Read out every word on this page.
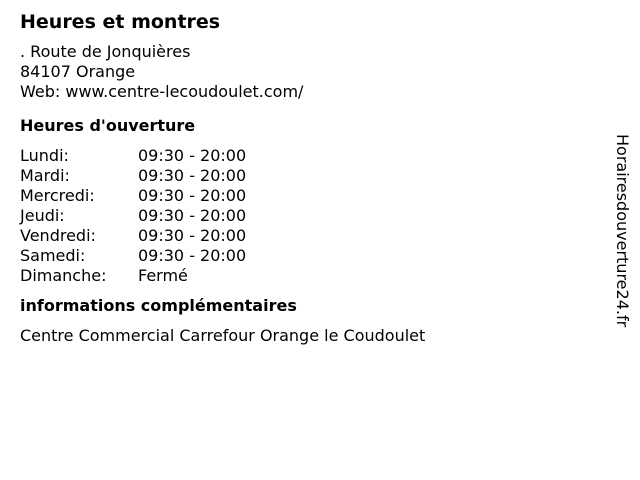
Heures et montres

. Route de Jonquières

84107 Orange

Web: www.centre-lecoudoulet.com/

Heures d'ouverture
Lundi:	09:30 - 20:00
Mardi:	09:30 - 20:00
Mercredi:	09:30 - 20:00
Jeudi:	09:30 - 20:00
Vendredi:	09:30 - 20:00
Samedi:	09:30 - 20:00
Dimanche:	Fermé
informations complémentaires

Centre Commercial Carrefour Orange le Coudoulet

Horairesdouverture24.fr
